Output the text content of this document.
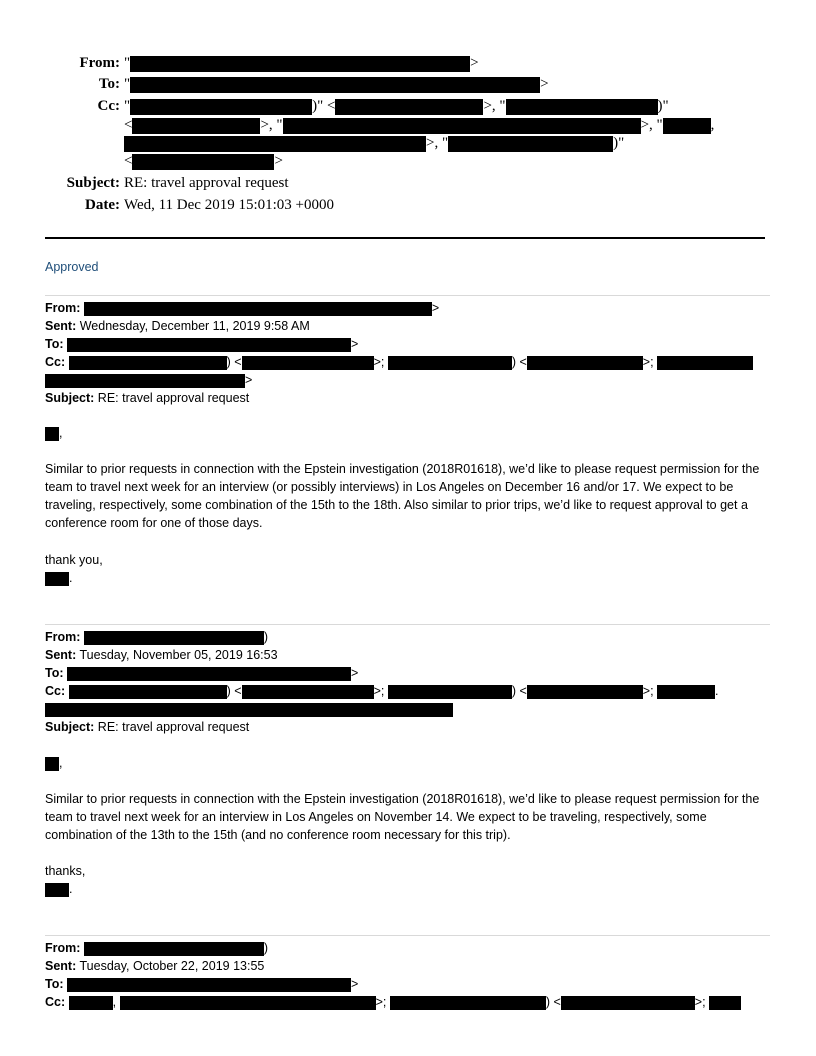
From: "	>
To: "	>
Cc: "	)" <	>, "	)"
<	>, "	>, "	,
>, "	)"
<	>
Subject: RE: travel approval request
Date: Wed, 11 Dec 2019 15:01:03 +0000
Approved
From:	>
Sent: Wednesday, December 11, 2019 9:58 AM
To:	>
Cc:	) <	>;	) <	>;
>
Subject: RE: travel approval request
,
Similar to prior requests in connection with the Epstein investigation (2018R01618), we’d like to please request permission for the team to travel next week for an interview (or possibly interviews) in Los Angeles on December 16 and/or 17. We expect to be traveling, respectively, some combination of the 15th to the 18th. Also similar to prior trips, we’d like to request approval to get a conference room for one of those days.
thank you,
.
From:	)
Sent: Tuesday, November 05, 2019 16:53
To:	>
Cc:	) <	>;	) <	>;	.
Subject: RE: travel approval request
,
Similar to prior requests in connection with the Epstein investigation (2018R01618), we’d like to please request permission for the team to travel next week for an interview in Los Angeles on November 14. We expect to be traveling, respectively, some combination of the 13th to the 15th (and no conference room necessary for this trip).
thanks,
.
From:	)
Sent: Tuesday, October 22, 2019 13:55
To:	>
Cc:	,	>;	) <	>;
